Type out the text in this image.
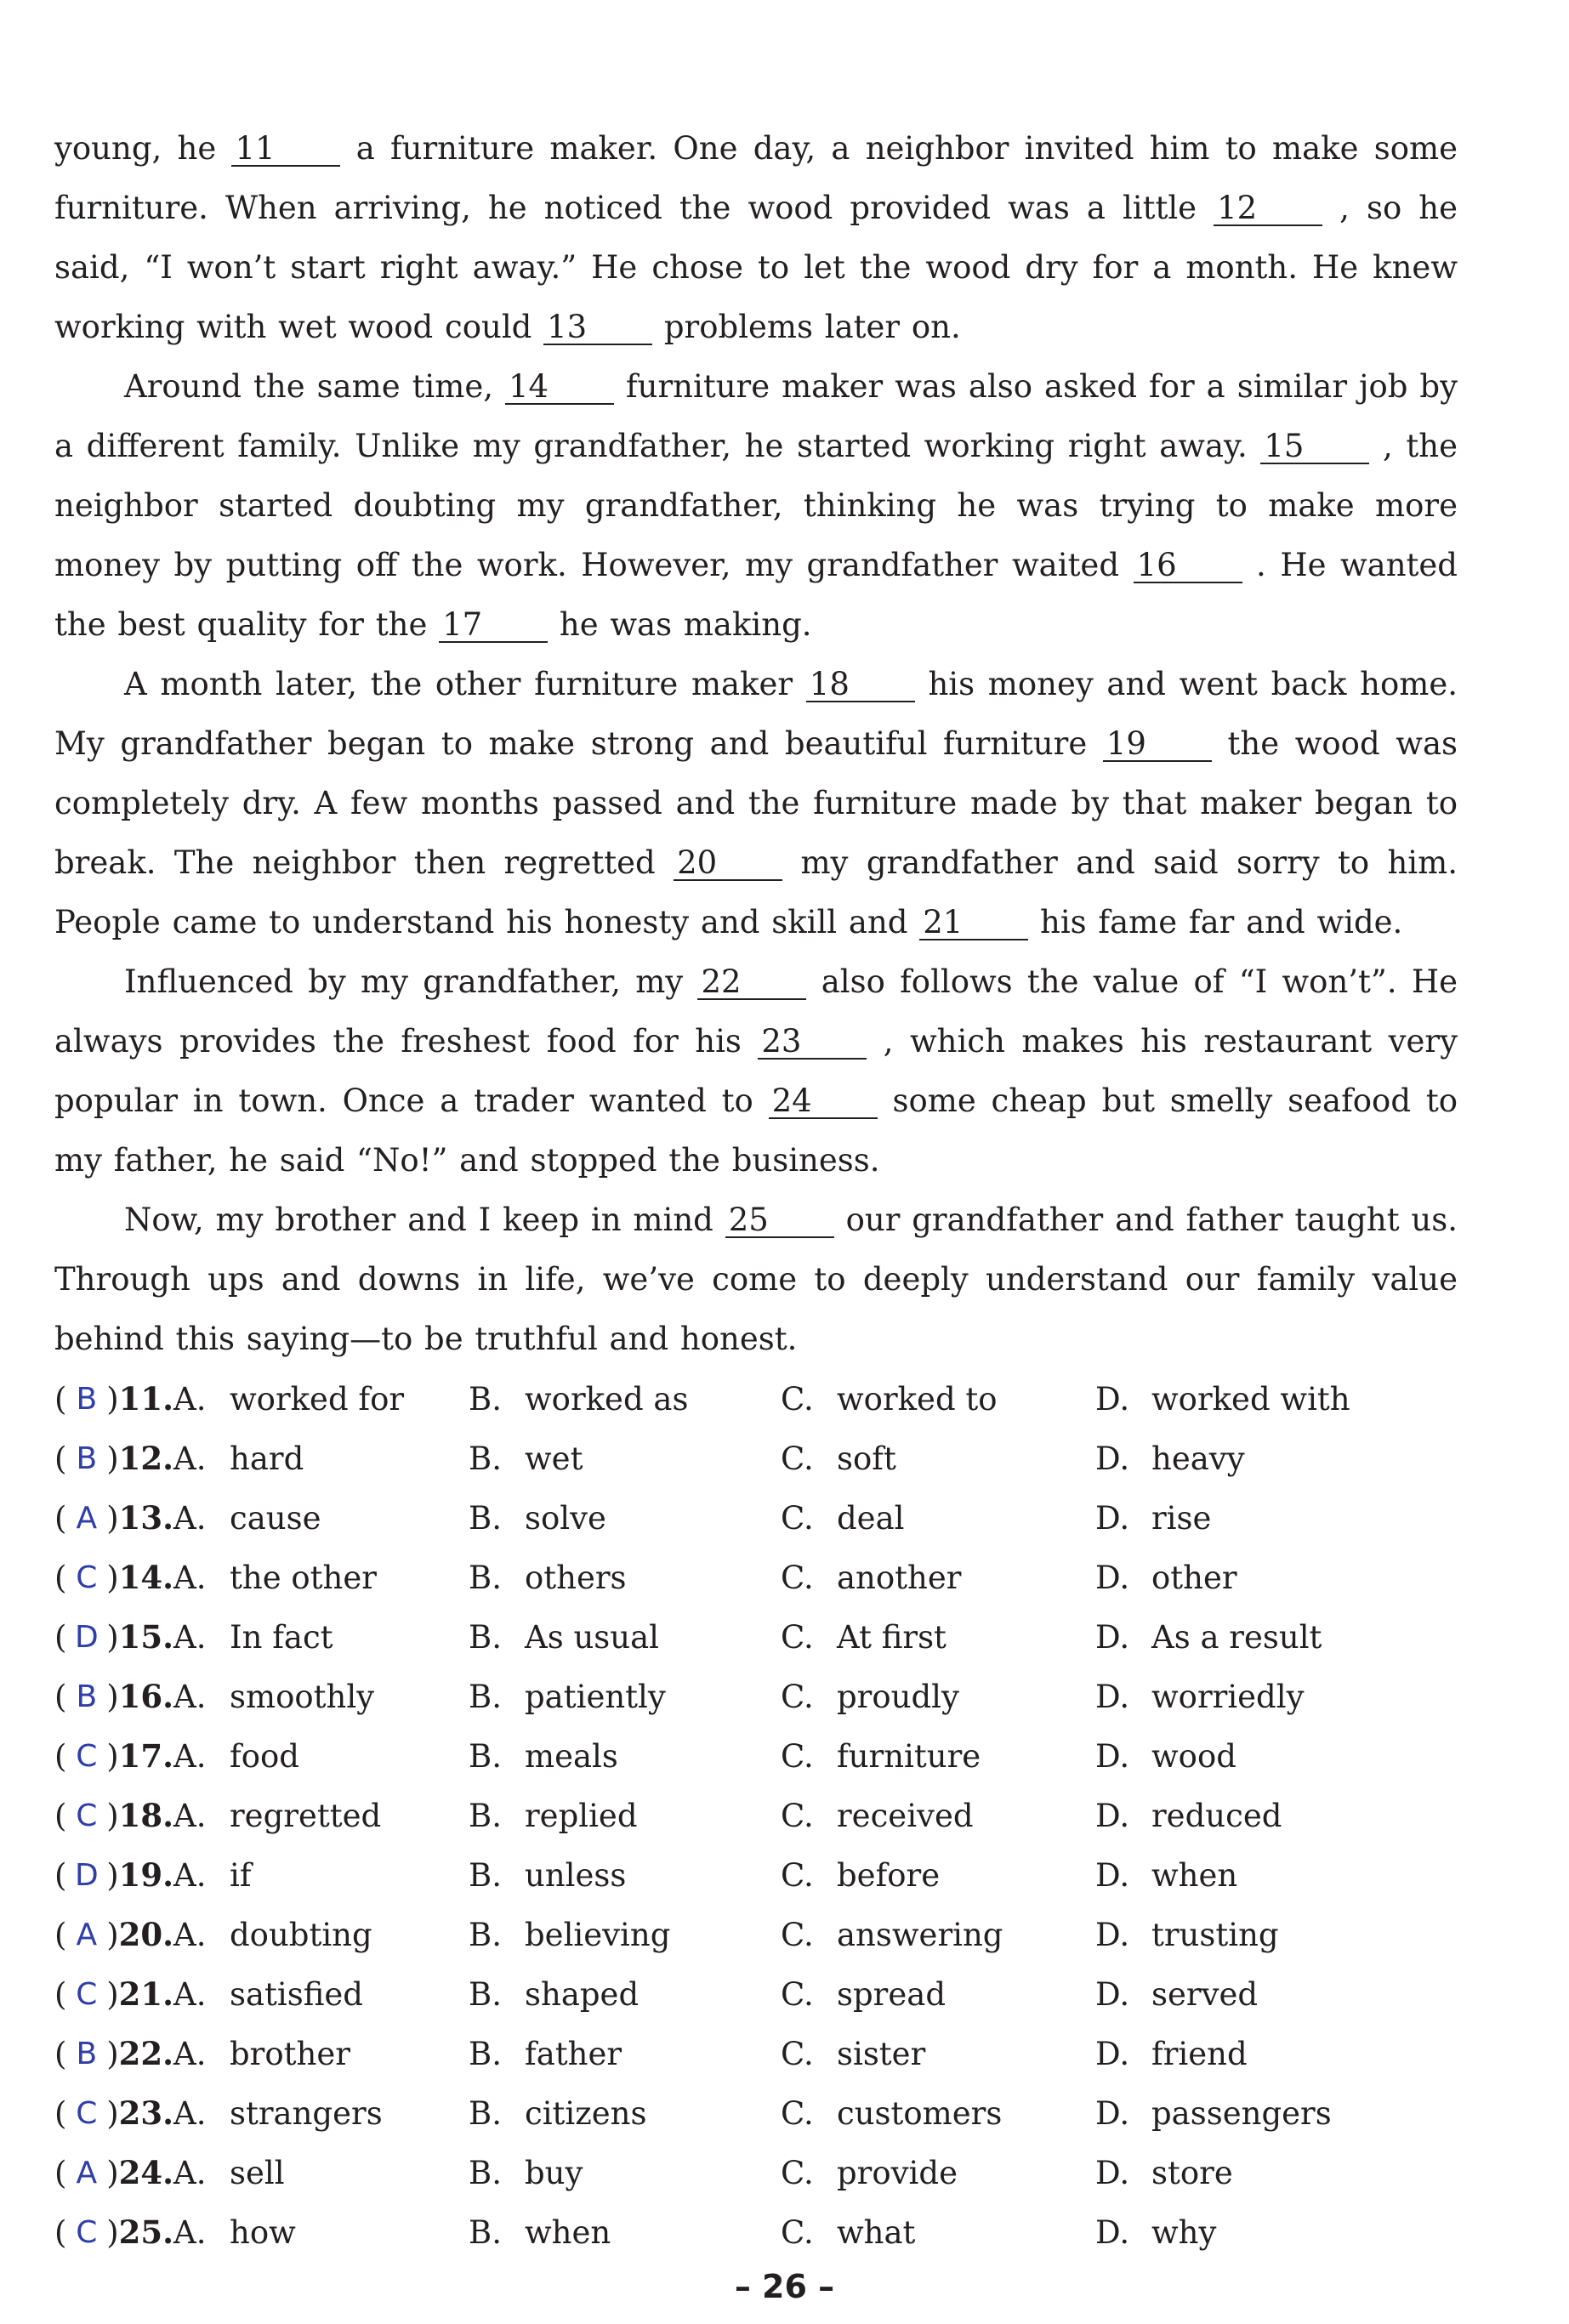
young, he 11 a furniture maker. One day, a neighbor invited him to make some furniture. When arriving, he noticed the wood provided was a little 12 , so he said, “I won’t start right away.” He chose to let the wood dry for a month. He knew working with wet wood could 13 problems later on.

Around the same time, 14 furniture maker was also asked for a similar job by a different family. Unlike my grandfather, he started working right away. 15 , the neighbor started doubting my grandfather, thinking he was trying to make more money by putting off the work. However, my grandfather waited 16 . He wanted the best quality for the 17 he was making.

A month later, the other furniture maker 18 his money and went back home. My grandfather began to make strong and beautiful furniture 19 the wood was completely dry. A few months passed and the furniture made by that maker began to break. The neighbor then regretted 20 my grandfather and said sorry to him. People came to understand his honesty and skill and 21 his fame far and wide.

Influenced by my grandfather, my 22 also follows the value of “I won’t”. He always provides the freshest food for his 23 , which makes his restaurant very popular in town. Once a trader wanted to 24 some cheap but smelly seafood to my father, he said “No!” and stopped the business.

Now, my brother and I keep in mind 25 our grandfather and father taught us. Through ups and downs in life, we’ve come to deeply understand our family value behind this saying—to be truthful and honest.

( B ) 11. A. worked for B. worked as	C. worked to	D. worked with
( B ) 12. A. hard	B. wet	C. soft	D. heavy
( A ) 13. A. cause	B. solve	C. deal	D. rise
( C ) 14. A. the other	B. others	C. another	D. other
( D ) 15. A. In fact	B. As usual	C. At first	D. As a result
( B ) 16. A. smoothly	B. patiently	C. proudly	D. worriedly
( C ) 17. A. food	B. meals	C. furniture	D. wood
( C ) 18. A. regretted	B. replied	C. received	D. reduced
( D ) 19. A. if	B. unless	C. before	D. when
( A ) 20. A. doubting	B. believing	C. answering	D. trusting
( C ) 21. A. satisfied	B. shaped	C. spread	D. served
( B ) 22. A. brother	B. father	C. sister	D. friend
( C ) 23. A. strangers	B. citizens	C. customers	D. passengers
( A ) 24. A. sell	B. buy	C. provide	D. store
( C ) 25. A. how	B. when	C. what	D. why
– 26 –
